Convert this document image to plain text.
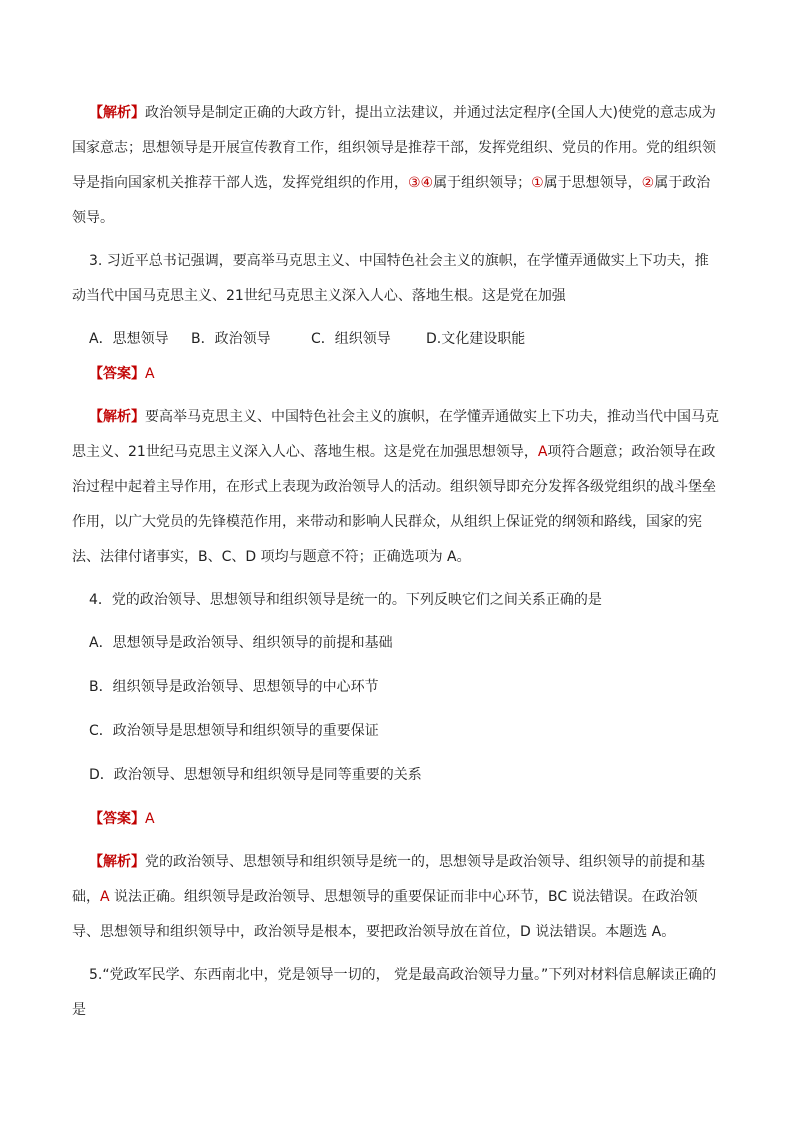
【解析】政治领导是制定正确的大政方针，提出立法建议，并通过法定程序(全国人大)使党的意志成为国家意志；思想领导是开展宣传教育工作，组织领导是推荐干部，发挥党组织、党员的作用。党的组织领导是指向国家机关推荐干部人选，发挥党组织的作用，③④属于组织领导；①属于思想领导，②属于政治领导。

3. 习近平总书记强调，要高举马克思主义、中国特色社会主义的旗帜，在学懂弄通做实上下功夫，推动当代中国马克思主义、21世纪马克思主义深入人心、落地生根。这是党在加强

A．思想领导 B．政治领导	C．组织领导	D.文化建设职能

【答案】A

【解析】要高举马克思主义、中国特色社会主义的旗帜，在学懂弄通做实上下功夫，推动当代中国马克思主义、21世纪马克思主义深入人心、落地生根。这是党在加强思想领导，A项符合题意；政治领导在政治过程中起着主导作用，在形式上表现为政治领导人的活动。组织领导即充分发挥各级党组织的战斗堡垒作用，以广大党员的先锋模范作用，来带动和影响人民群众，从组织上保证党的纲领和路线，国家的宪法、法律付诸事实，B、C、D 项均与题意不符；正确选项为 A。

4．党的政治领导、思想领导和组织领导是统一的。下列反映它们之间关系正确的是

A．思想领导是政治领导、组织领导的前提和基础

B．组织领导是政治领导、思想领导的中心环节

C．政治领导是思想领导和组织领导的重要保证

D．政治领导、思想领导和组织领导是同等重要的关系

【答案】A

【解析】党的政治领导、思想领导和组织领导是统一的，思想领导是政治领导、组织领导的前提和基础，A 说法正确。组织领导是政治领导、思想领导的重要保证而非中心环节，BC 说法错误。在政治领导、思想领导和组织领导中，政治领导是根本，要把政治领导放在首位，D 说法错误。本题选 A。

5.“党政军民学、东西南北中，党是领导一切的， 党是最高政治领导力量。”下列对材料信息解读正确的是
